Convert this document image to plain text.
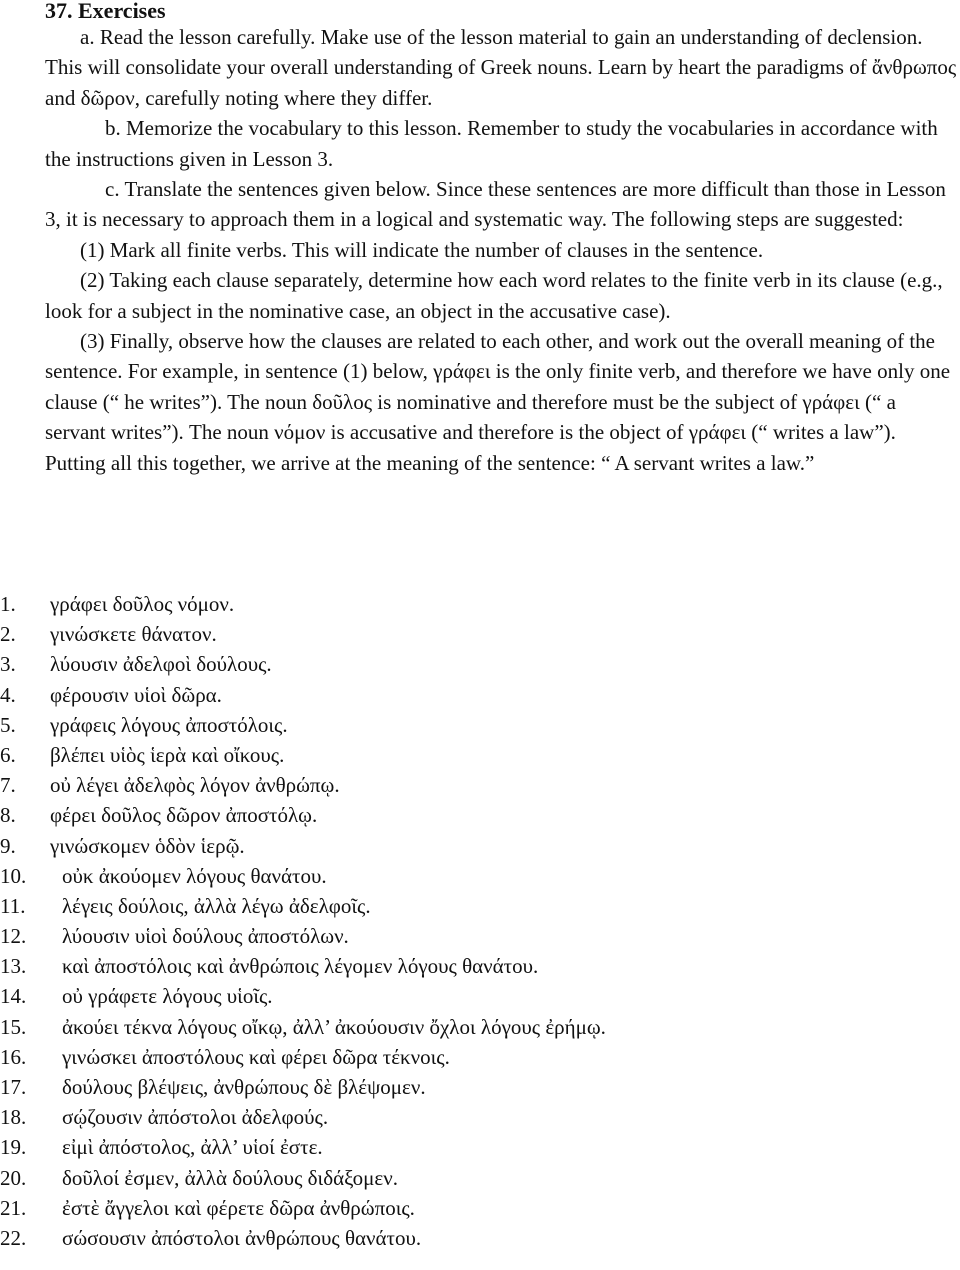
37. Exercises

a. Read the lesson carefully. Make use of the lesson material to gain an understanding of declension. This will consolidate your overall understanding of Greek nouns. Learn by heart the paradigms of ἄνθρωπος and δῶρον, carefully noting where they differ.

b. Memorize the vocabulary to this lesson. Remember to study the vocabularies in accordance with the instructions given in Lesson 3.

c. Translate the sentences given below. Since these sentences are more difficult than those in Lesson 3, it is necessary to approach them in a logical and systematic way. The following steps are suggested:

(1) Mark all finite verbs. This will indicate the number of clauses in the sentence.

(2) Taking each clause separately, determine how each word relates to the finite verb in its clause (e.g., look for a subject in the nominative case, an object in the accusative case).

(3) Finally, observe how the clauses are related to each other, and work out the overall meaning of the sentence. For example, in sentence (1) below, γράφει is the only finite verb, and therefore we have only one clause (“ he writes”). The noun δοῦλος is nominative and therefore must be the subject of γράφει (“ a servant writes”). The noun νόμον is accusative and therefore is the object of γράφει (“ writes a law”). Putting all this together, we arrive at the meaning of the sentence: “ A servant writes a law.”

1. γράφει δοῦλος νόμον.
2. γινώσκετε θάνατον.
3. λύουσιν ἀδελφοὶ δούλους.
4. φέρουσιν υἱοὶ δῶρα.
5. γράφεις λόγους ἀποστόλοις.
6. βλέπει υἱὸς ἱερὰ καὶ οἴκους.
7. οὐ λέγει ἀδελφὸς λόγον ἀνθρώπῳ.
8. φέρει δοῦλος δῶρον ἀποστόλῳ.
9. γινώσκομεν ὁδὸν ἱερῷ.
10. οὐκ ἀκούομεν λόγους θανάτου.
11. λέγεις δούλοις, ἀλλὰ λέγω ἀδελφοῖς.
12. λύουσιν υἱοὶ δούλους ἀποστόλων.
13. καὶ ἀποστόλοις καὶ ἀνθρώποις λέγομεν λόγους θανάτου.
14. οὐ γράφετε λόγους υἱοῖς.
15. ἀκούει τέκνα λόγους οἴκῳ, ἀλλ’ ἀκούουσιν ὄχλοι λόγους ἐρήμῳ.
16. γινώσκει ἀποστόλους καὶ φέρει δῶρα τέκνοις.
17. δούλους βλέψεις, ἀνθρώπους δὲ βλέψομεν.
18. σῴζουσιν ἀπόστολοι ἀδελφούς.
19. εἰμὶ ἀπόστολος, ἀλλ’ υἱοί ἐστε.
20. δοῦλοί ἐσμεν, ἀλλὰ δούλους διδάξομεν.
21. ἐστὲ ἄγγελοι καὶ φέρετε δῶρα ἀνθρώποις.
22. σώσουσιν ἀπόστολοι ἀνθρώπους θανάτου.
